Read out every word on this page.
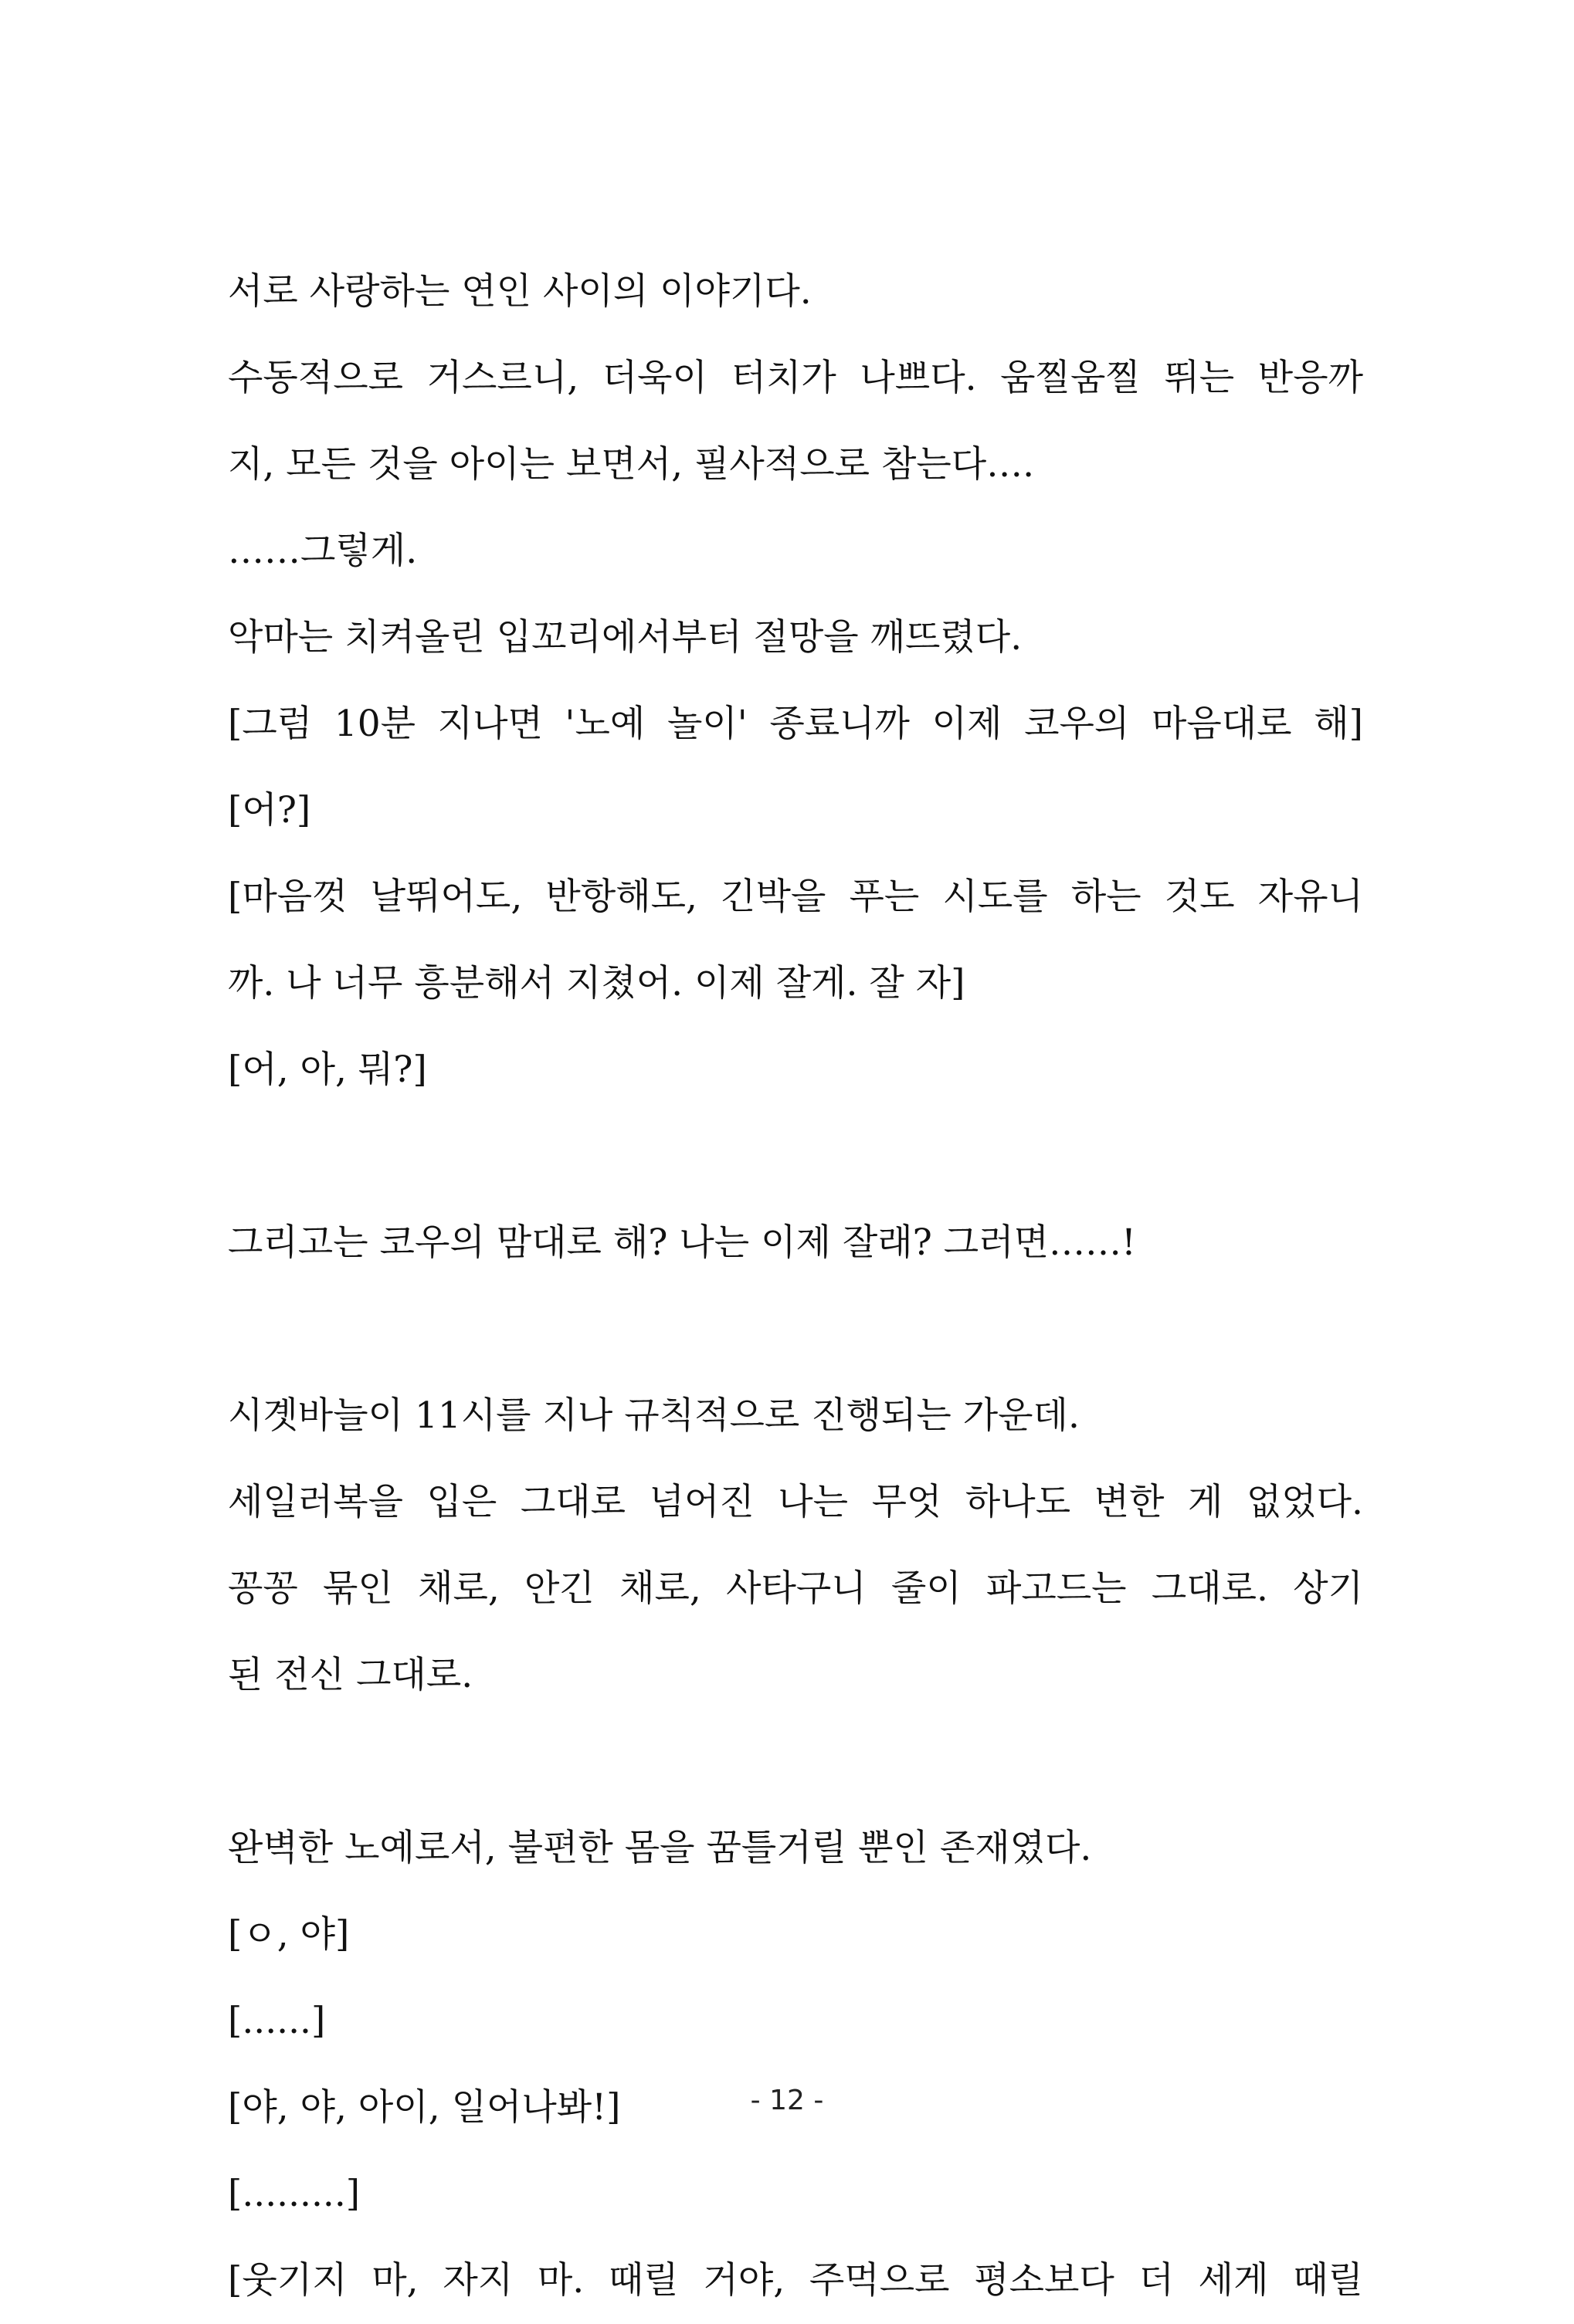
서로 사랑하는 연인 사이의 이야기다.
수동적으로 거스르니, 더욱이 터치가 나쁘다. 움찔움찔 뛰는 반응까
지, 모든 것을 아이는 보면서, 필사적으로 참는다….
……그렇게.
악마는 치켜올린 입꼬리에서부터 절망을 깨뜨렸다.
[그럼 10분 지나면 '노예 놀이' 종료니까 이제 코우의 마음대로 해]
[어?]
[마음껏 날뛰어도, 반항해도, 긴박을 푸는 시도를 하는 것도 자유니
까. 나 너무 흥분해서 지쳤어. 이제 잘게. 잘 자]
[어, 아, 뭐?]
그리고는 코우의 맘대로 해? 나는 이제 잘래? 그러면……!
시곗바늘이 11시를 지나 규칙적으로 진행되는 가운데.
세일러복을 입은 그대로 넘어진 나는 무엇 하나도 변한 게 없었다.
꽁꽁 묶인 채로, 안긴 채로, 사타구니 줄이 파고드는 그대로. 상기
된 전신 그대로.
완벽한 노예로서, 불편한 몸을 꿈틀거릴 뿐인 존재였다.
[ㅇ, 야]
[......]
[야, 야, 아이, 일어나봐!]
[.........]
[웃기지 마, 자지 마. 때릴 거야, 주먹으로 평소보다 더 세게 때릴
- 12 -
